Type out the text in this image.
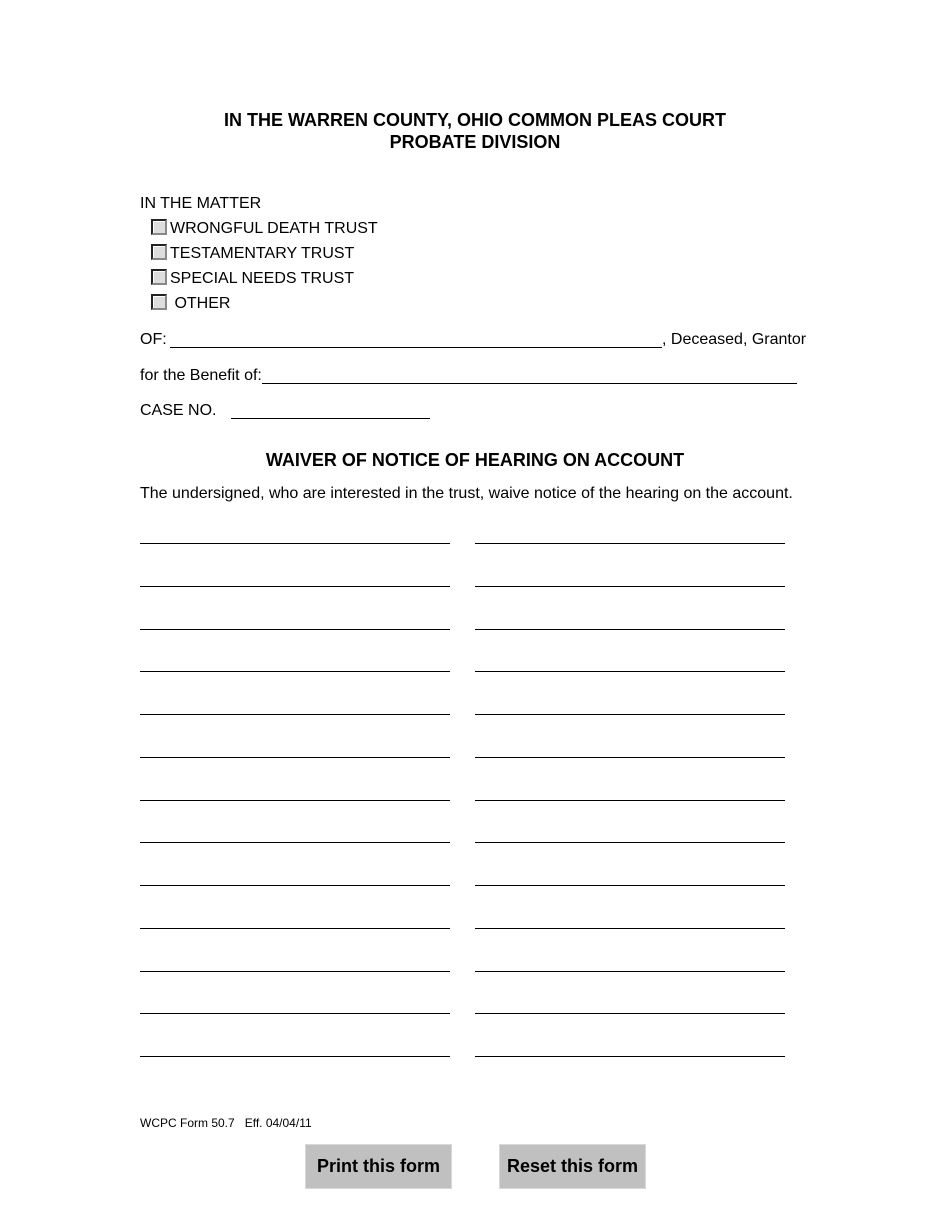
IN THE WARREN COUNTY, OHIO COMMON PLEAS COURT
PROBATE DIVISION
IN THE MATTER
WRONGFUL DEATH TRUST
TESTAMENTARY TRUST
SPECIAL NEEDS TRUST
OTHER
OF:	, Deceased, Grantor
for the Benefit of:
CASE NO.
WAIVER OF NOTICE OF HEARING ON ACCOUNT
The undersigned, who are interested in the trust, waive notice of the hearing on the account.
WCPC Form 50.7 Eff. 04/04/11
Print this form	Reset this form
